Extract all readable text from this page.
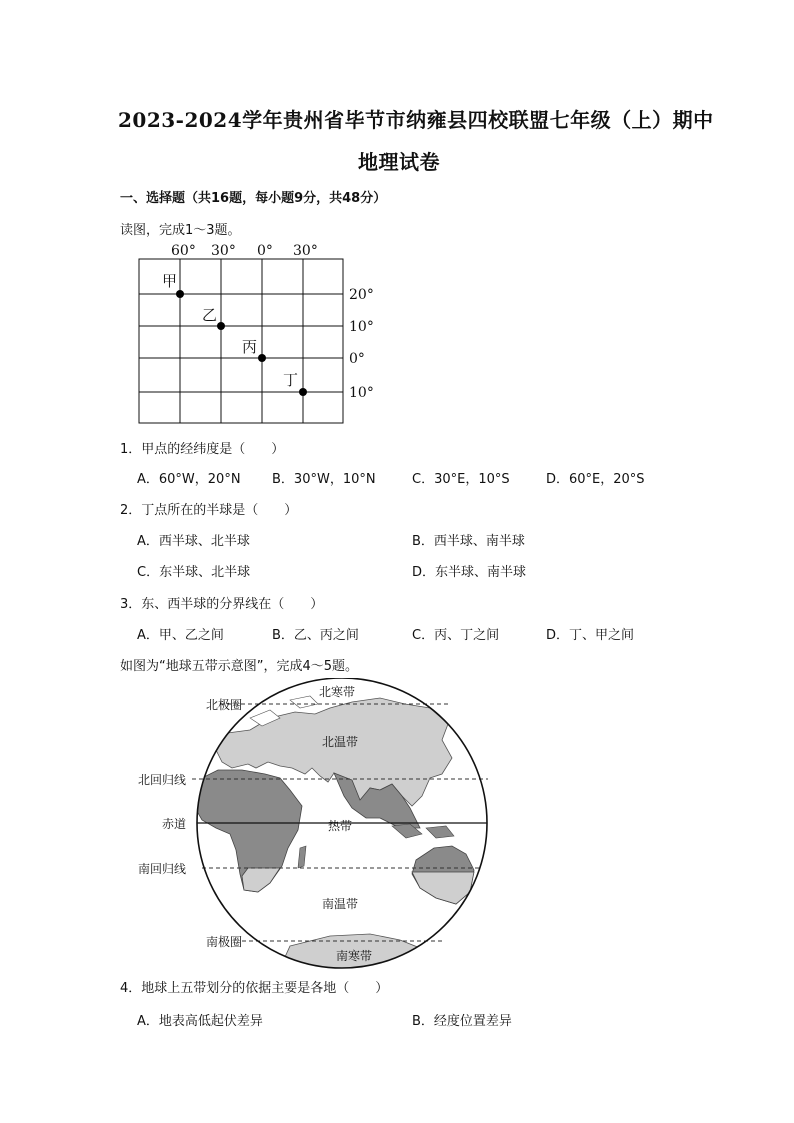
2023-2024学年贵州省毕节市纳雍县四校联盟七年级（上）期中
地理试卷
一、选择题（共16题，每小题9分，共48分）
读图，完成1～3题。
60° 30° 0° 30°
20°
10°
0°
10°
甲
乙
丙
丁
1．甲点的经纬度是（　　）
A．60°W，20°N B．30°W，10°N	C．30°E，10°S	D．60°E，20°S
2．丁点所在的半球是（　　）
A．西半球、北半球	B．西半球、南半球
C．东半球、北半球	D．东半球、南半球
3．东、西半球的分界线在（　　）
A．甲、乙之间	B．乙、丙之间	C．丙、丁之间	D．丁、甲之间
如图为“地球五带示意图”，完成4～5题。
北极圈
北回归线
赤道
南回归线
南极圈
北寒带
北温带
热带
南温带
南寒带
4．地球上五带划分的依据主要是各地（　　）
A．地表高低起伏差异	B．经度位置差异
